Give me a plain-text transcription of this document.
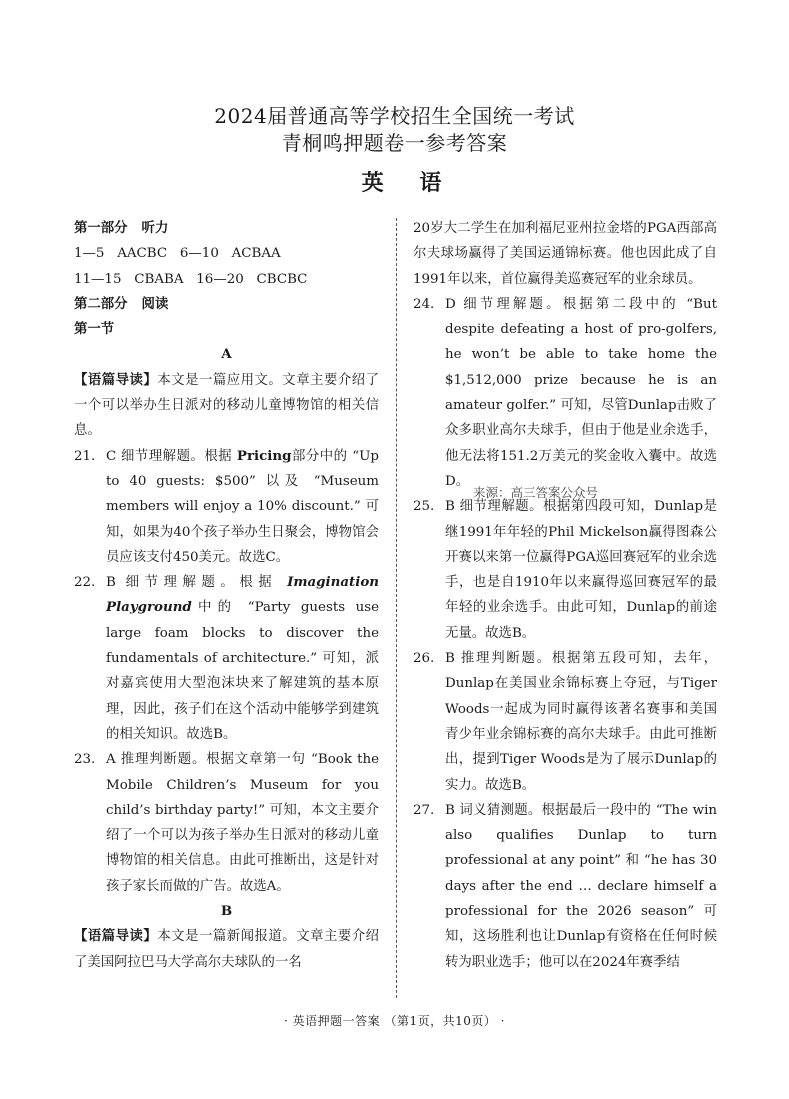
2024届普通高等学校招生全国统一考试
青桐鸣押题卷一参考答案
英 语
第一部分   听力
1—5   AACBC   6—10   ACBAA
11—15   CBABA   16—20   CBCBC
第二部分   阅读
第一节
A
【语篇导读】本文是一篇应用文。文章主要介绍了一个可以举办生日派对的移动儿童博物馆的相关信息。
21. C 细节理解题。根据 Pricing部分中的 “Up to 40 guests: $500” 以及 “Museum members will enjoy a 10% discount.” 可知，如果为40个孩子举办生日聚会，博物馆会员应该支付450美元。故选C。
22. B 细节理解题。根据 Imagination Playground中的 “Party guests use large foam blocks to discover the fundamentals of architecture.” 可知，派对嘉宾使用大型泡沫块来了解建筑的基本原理，因此，孩子们在这个活动中能够学到建筑的相关知识。故选B。
23. A 推理判断题。根据文章第一句 “Book the Mobile Children’s Museum for you child’s birthday party!” 可知，本文主要介绍了一个可以为孩子举办生日派对的移动儿童博物馆的相关信息。由此可推断出，这是针对孩子家长而做的广告。故选A。
B
【语篇导读】本文是一篇新闻报道。文章主要介绍了美国阿拉巴马大学高尔夫球队的一名
20岁大二学生在加利福尼亚州拉金塔的PGA西部高尔夫球场赢得了美国运通锦标赛。他也因此成了自1991年以来，首位赢得美巡赛冠军的业余球员。
24. D 细节理解题。根据第二段中的 “But despite defeating a host of pro-golfers, he won’t be able to take home the $1,512,000 prize because he is an amateur golfer.” 可知，尽管Dunlap击败了众多职业高尔夫球手，但由于他是业余选手，他无法将151.2万美元的奖金收入囊中。故选D。
25. B 细节理解题。根据第四段可知，Dunlap是继1991年年轻的Phil Mickelson赢得图森公开赛以来第一位赢得PGA巡回赛冠军的业余选手，也是自1910年以来赢得巡回赛冠军的最年轻的业余选手。由此可知，Dunlap的前途无量。故选B。
26. B 推理判断题。根据第五段可知，去年，Dunlap在美国业余锦标赛上夺冠，与Tiger Woods一起成为同时赢得该著名赛事和美国青少年业余锦标赛的高尔夫球手。由此可推断出，提到Tiger Woods是为了展示Dunlap的实力。故选B。
27. B 词义猜测题。根据最后一段中的 “The win also qualifies Dunlap to turn professional at any point” 和 “he has 30 days after the end … declare himself a professional for the 2026 season” 可知，这场胜利也让Dunlap有资格在任何时候转为职业选手；他可以在2024年赛季结
来源：高三答案公众号
· 英语押题一答案 （第1页，共10页） ·
